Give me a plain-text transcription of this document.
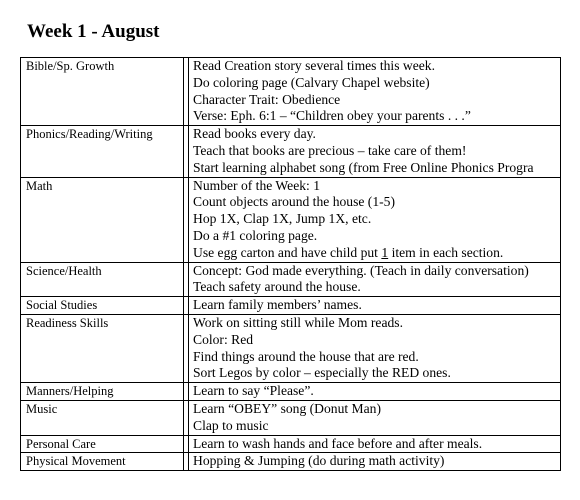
Week 1 - August
Bible/Sp. Growth		Read Creation story several times this week.
Do coloring page (Calvary Chapel website)
Character Trait: Obedience
Verse: Eph. 6:1 – “Children obey your parents . . .”

Phonics/Reading/Writing		Read books every day.
Teach that books are precious – take care of them!
Start learning alphabet song (from Free Online Phonics Progra

Math		Number of the Week: 1
Count objects around the house (1-5)
Hop 1X, Clap 1X, Jump 1X, etc.
Do a #1 coloring page.
Use egg carton and have child put 1 item in each section.

Science/Health		Concept: God made everything. (Teach in daily conversation)
Teach safety around the house.

Social Studies		Learn family members’ names.

Readiness Skills		Work on sitting still while Mom reads.
Color: Red
Find things around the house that are red.
Sort Legos by color – especially the RED ones.

Manners/Helping		Learn to say “Please”.

Music		Learn “OBEY” song (Donut Man)
Clap to music

Personal Care		Learn to wash hands and face before and after meals.

Physical Movement		Hopping & Jumping (do during math activity)
